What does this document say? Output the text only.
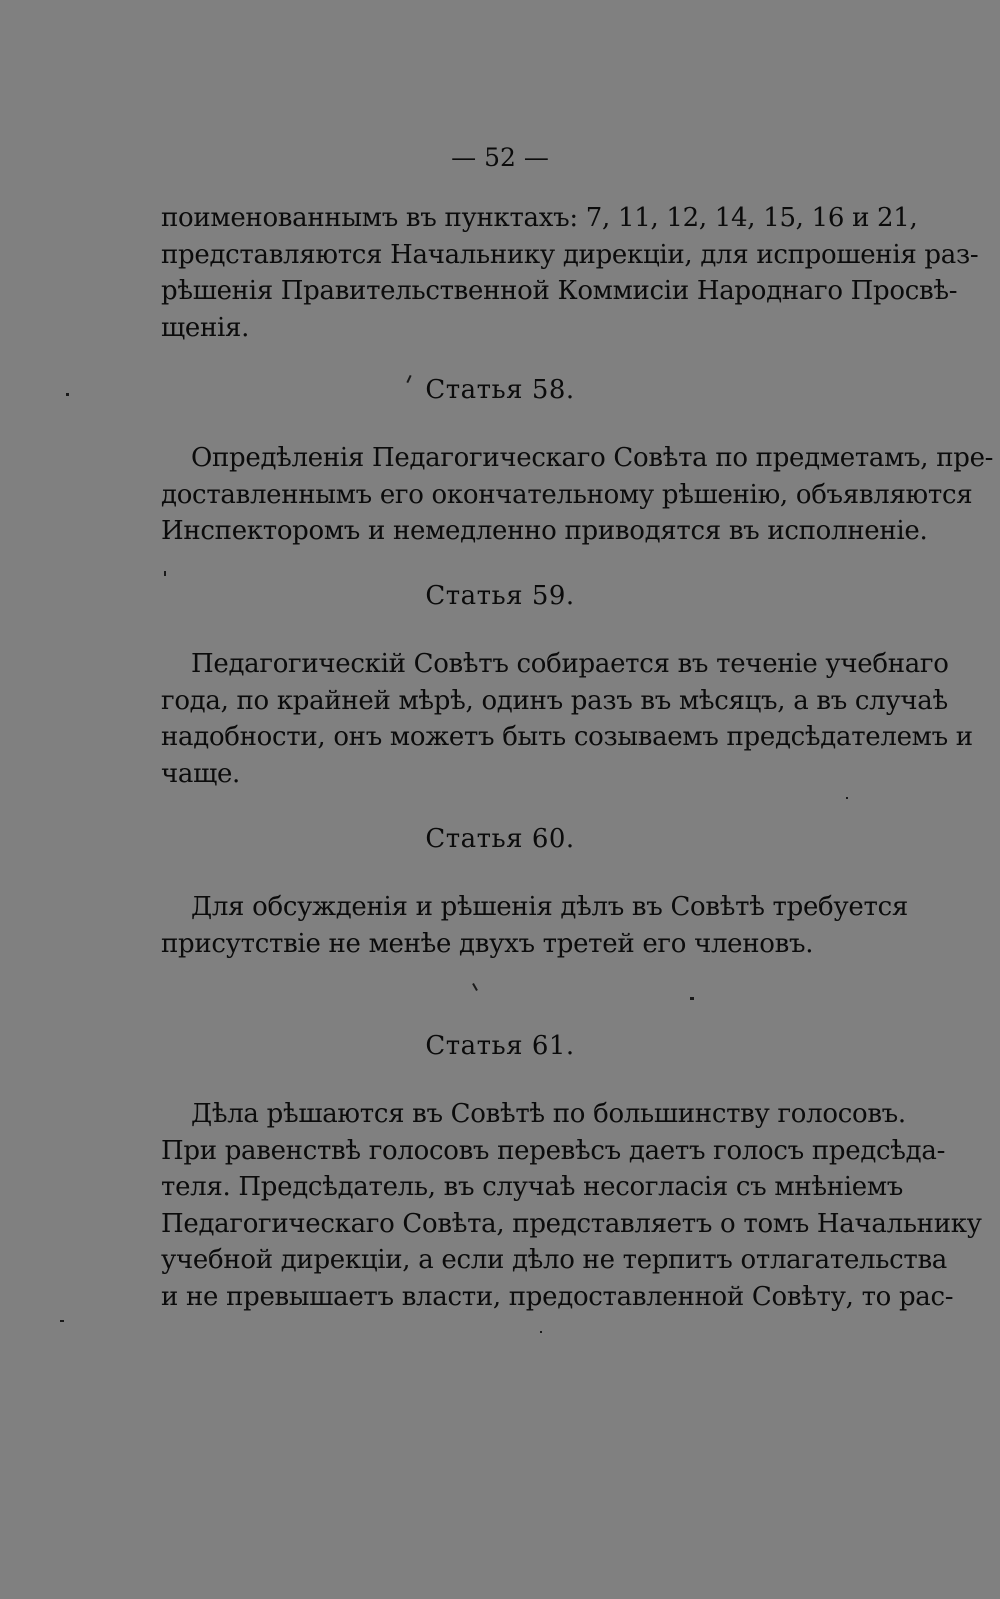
— 52 —
поименованнымъ въ пунктахъ: 7, 11, 12, 14, 15, 16 и 21,
представляются Начальнику дирекціи, для испрошенія раз-
рѣшенія Правительственной Коммисіи Народнаго Просвѣ-
щенія.
Статья 58.
Опредѣленія Педагогическаго Совѣта по предметамъ, пре-
доставленнымъ его окончательному рѣшенію, объявляются
Инспекторомъ и немедленно приводятся въ исполненіе.
Статья 59.
Педагогическій Совѣтъ собирается въ теченіе учебнаго
года, по крайней мѣрѣ, одинъ разъ въ мѣсяцъ, а въ случаѣ
надобности, онъ можетъ быть созываемъ предсѣдателемъ и
чаще.
Статья 60.
Для обсужденія и рѣшенія дѣлъ въ Совѣтѣ требуется
присутствіе не менѣе двухъ третей его членовъ.
Статья 61.
Дѣла рѣшаются въ Совѣтѣ по большинству голосовъ.
При равенствѣ голосовъ перевѣсъ даетъ голосъ предсѣда-
теля. Предсѣдатель, въ случаѣ несогласія съ мнѣніемъ
Педагогическаго Совѣта, представляетъ о томъ Начальнику
учебной дирекціи, а если дѣло не терпитъ отлагательства
и не превышаетъ власти, предоставленной Совѣту, то рас-
